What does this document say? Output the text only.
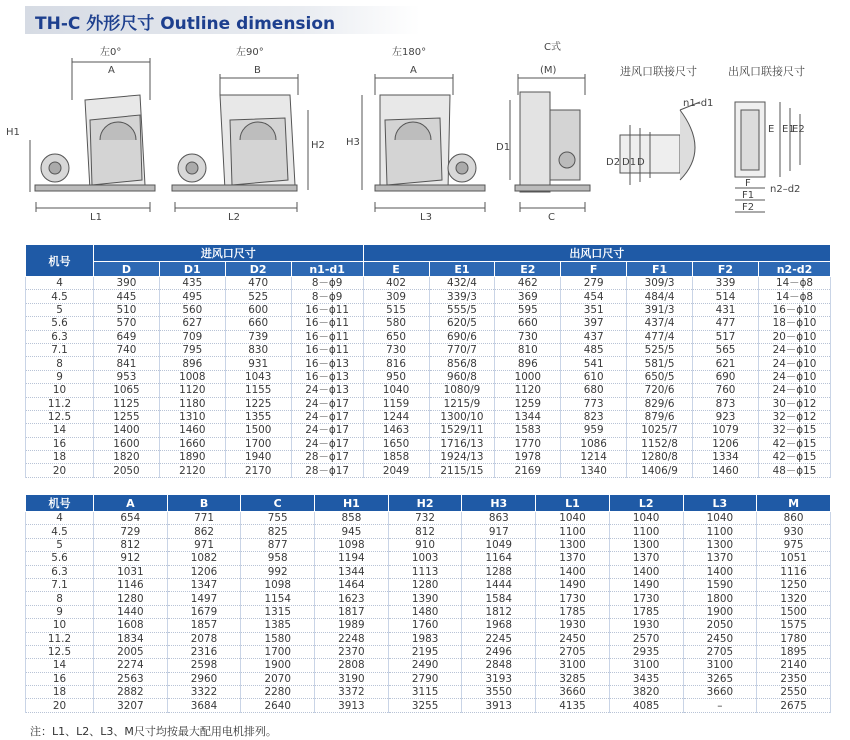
TH-C 外形尺寸 Outline dimension
左0°
A
H1
L1
左90°
B
H2
L2
左180°
A
H3
L3
C式
(M)
D1
C
进风口联接尺寸
n1–d1
D2 D1 D
出风口联接尺寸
E E1
E2
F
F1
F2
n2–d2
机号	进风口尺寸				出风口尺寸						
	D	D1	D2	n1-d1	E	E1	E2	F	F1	F2	n2-d2
4	390	435	470	8－ϕ9	402	432/4	462	279	309/3	339	14－ϕ8
4.5	445	495	525	8－ϕ9	309	339/3	369	454	484/4	514	14－ϕ8
5	510	560	600	16－ϕ11	515	555/5	595	351	391/3	431	16－ϕ10
5.6	570	627	660	16－ϕ11	580	620/5	660	397	437/4	477	18－ϕ10
6.3	649	709	739	16－ϕ11	650	690/6	730	437	477/4	517	20－ϕ10
7.1	740	795	830	16－ϕ11	730	770/7	810	485	525/5	565	24－ϕ10
8	841	896	931	16－ϕ13	816	856/8	896	541	581/5	621	24－ϕ10
9	953	1008	1043	16－ϕ13	950	960/8	1000	610	650/5	690	24－ϕ10
10	1065	1120	1155	24－ϕ13	1040	1080/9	1120	680	720/6	760	24－ϕ10
11.2	1125	1180	1225	24－ϕ17	1159	1215/9	1259	773	829/6	873	30－ϕ12
12.5	1255	1310	1355	24－ϕ17	1244	1300/10	1344	823	879/6	923	32－ϕ12
14	1400	1460	1500	24－ϕ17	1463	1529/11	1583	959	1025/7	1079	32－ϕ15
16	1600	1660	1700	24－ϕ17	1650	1716/13	1770	1086	1152/8	1206	42－ϕ15
18	1820	1890	1940	28－ϕ17	1858	1924/13	1978	1214	1280/8	1334	42－ϕ15
20	2050	2120	2170	28－ϕ17	2049	2115/15	2169	1340	1406/9	1460	48－ϕ15
机号	A	B	C	H1	H2	H3	L1	L2	L3	M
4	654	771	755	858	732	863	1040	1040	1040	860
4.5	729	862	825	945	812	917	1100	1100	1100	930
5	812	971	877	1098	910	1049	1300	1300	1300	975
5.6	912	1082	958	1194	1003	1164	1370	1370	1370	1051
6.3	1031	1206	992	1344	1113	1288	1400	1400	1400	1116
7.1	1146	1347	1098	1464	1280	1444	1490	1490	1590	1250
8	1280	1497	1154	1623	1390	1584	1730	1730	1800	1320
9	1440	1679	1315	1817	1480	1812	1785	1785	1900	1500
10	1608	1857	1385	1989	1760	1968	1930	1930	2050	1575
11.2	1834	2078	1580	2248	1983	2245	2450	2570	2450	1780
12.5	2005	2316	1700	2370	2195	2496	2705	2935	2705	1895
14	2274	2598	1900	2808	2490	2848	3100	3100	3100	2140
16	2563	2960	2070	3190	2790	3193	3285	3435	3265	2350
18	2882	3322	2280	3372	3115	3550	3660	3820	3660	2550
20	3207	3684	2640	3913	3255	3913	4135	4085	–	2675
注：L1、L2、L3、M尺寸均按最大配用电机排列。
